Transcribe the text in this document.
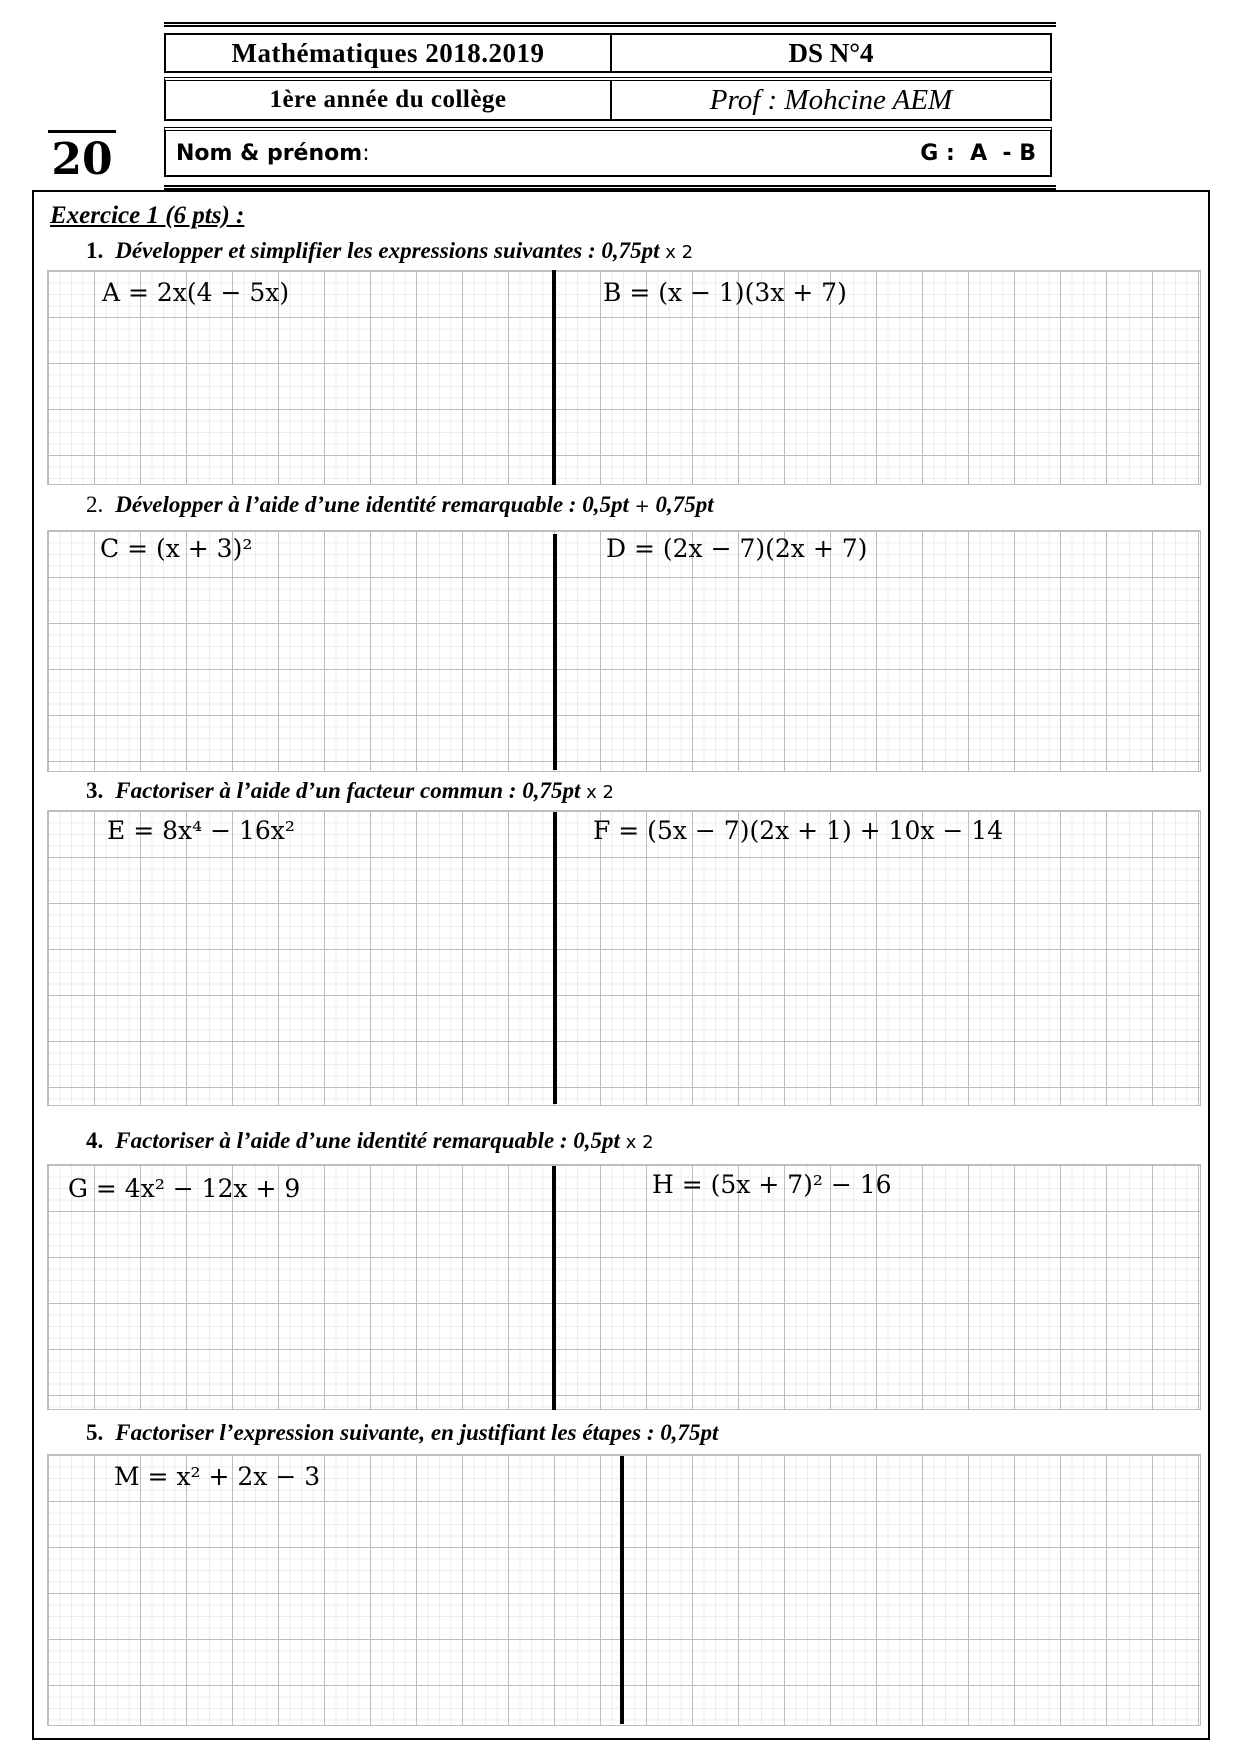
Mathématiques 2018.2019	DS N°4
1ère année du collège	Prof : Mohcine AEM
Nom & prénom :	G :  A  - B
20
Exercice 1 (6 pts) :
1. Développer et simplifier les expressions suivantes : 0,75pt x 2
A = 2x(4 − 5x)	B = (x − 1)(3x + 7)
2. Développer à l’aide d’une identité remarquable : 0,5pt + 0,75pt
C = (x + 3)²	D = (2x − 7)(2x + 7)
3. Factoriser à l’aide d’un facteur commun : 0,75pt x 2
E = 8x⁴ − 16x²	F = (5x − 7)(2x + 1) + 10x − 14
4. Factoriser à l’aide d’une identité remarquable : 0,5pt x 2
G = 4x² − 12x + 9	H = (5x + 7)² − 16
5. Factoriser l’expression suivante, en justifiant les étapes : 0,75pt
M = x² + 2x − 3
